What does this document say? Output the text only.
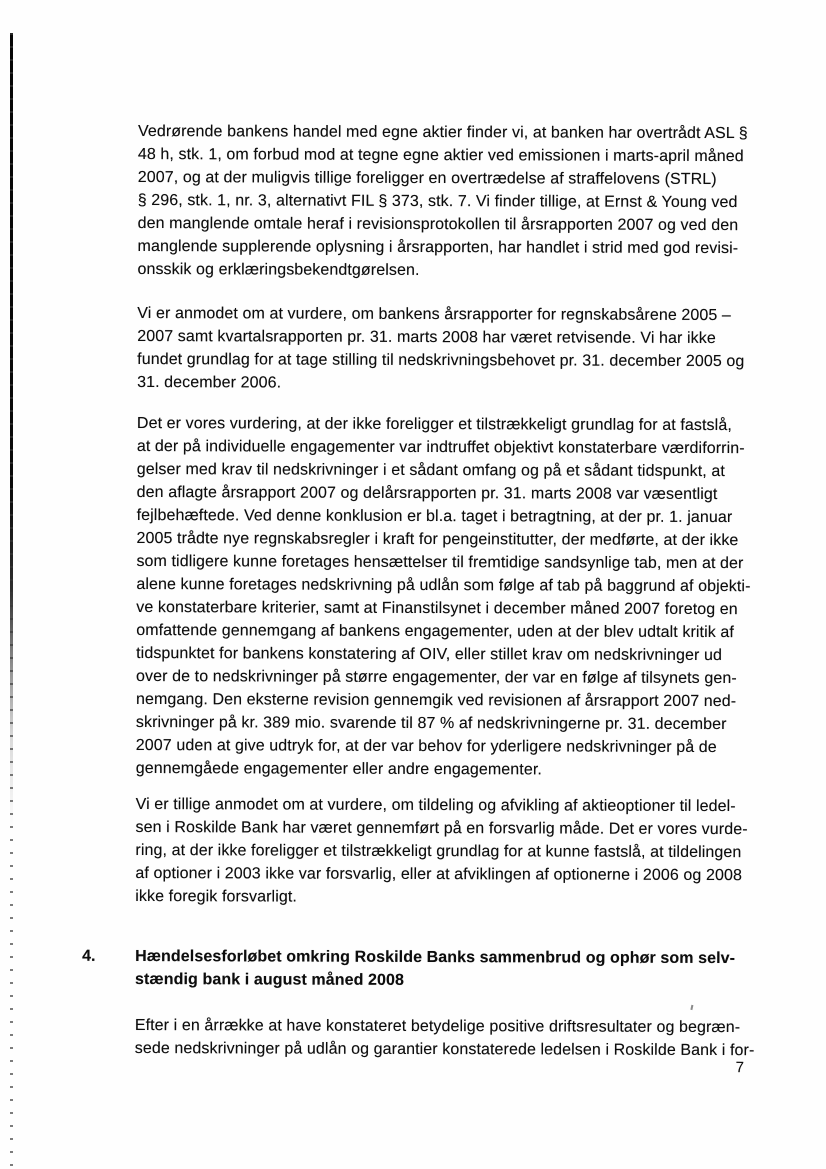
Vedrørende bankens handel med egne aktier finder vi, at banken har overtrådt ASL §
48 h, stk. 1, om forbud mod at tegne egne aktier ved emissionen i marts-april måned
2007, og at der muligvis tillige foreligger en overtrædelse af straffelovens (STRL)
§ 296, stk. 1, nr. 3, alternativt FIL § 373, stk. 7. Vi finder tillige, at Ernst & Young ved
den manglende omtale heraf i revisionsprotokollen til årsrapporten 2007 og ved den
manglende supplerende oplysning i årsrapporten, har handlet i strid med god revisi-
onsskik og erklæringsbekendtgørelsen.
Vi er anmodet om at vurdere, om bankens årsrapporter for regnskabsårene 2005 –
2007 samt kvartalsrapporten pr. 31. marts 2008 har været retvisende. Vi har ikke
fundet grundlag for at tage stilling til nedskrivningsbehovet pr. 31. december 2005 og
31. december 2006.
Det er vores vurdering, at der ikke foreligger et tilstrækkeligt grundlag for at fastslå,
at der på individuelle engagementer var indtruffet objektivt konstaterbare værdiforrin-
gelser med krav til nedskrivninger i et sådant omfang og på et sådant tidspunkt, at
den aflagte årsrapport 2007 og delårsrapporten pr. 31. marts 2008 var væsentligt
fejlbehæftede. Ved denne konklusion er bl.a. taget i betragtning, at der pr. 1. januar
2005 trådte nye regnskabsregler i kraft for pengeinstitutter, der medførte, at der ikke
som tidligere kunne foretages hensættelser til fremtidige sandsynlige tab, men at der
alene kunne foretages nedskrivning på udlån som følge af tab på baggrund af objekti-
ve konstaterbare kriterier, samt at Finanstilsynet i december måned 2007 foretog en
omfattende gennemgang af bankens engagementer, uden at der blev udtalt kritik af
tidspunktet for bankens konstatering af OIV, eller stillet krav om nedskrivninger ud
over de to nedskrivninger på større engagementer, der var en følge af tilsynets gen-
nemgang. Den eksterne revision gennemgik ved revisionen af årsrapport 2007 ned-
skrivninger på kr. 389 mio. svarende til 87 % af nedskrivningerne pr. 31. december
2007 uden at give udtryk for, at der var behov for yderligere nedskrivninger på de
gennemgåede engagementer eller andre engagementer.
Vi er tillige anmodet om at vurdere, om tildeling og afvikling af aktieoptioner til ledel-
sen i Roskilde Bank har været gennemført på en forsvarlig måde. Det er vores vurde-
ring, at der ikke foreligger et tilstrækkeligt grundlag for at kunne fastslå, at tildelingen
af optioner i 2003 ikke var forsvarlig, eller at afviklingen af optionerne i 2006 og 2008
ikke foregik forsvarligt.
4. Hændelsesforløbet omkring Roskilde Banks sammenbrud og ophør som selv-
stændig bank i august måned 2008
Efter i en årrække at have konstateret betydelige positive driftsresultater og begræn-
sede nedskrivninger på udlån og garantier konstaterede ledelsen i Roskilde Bank i for-
7
